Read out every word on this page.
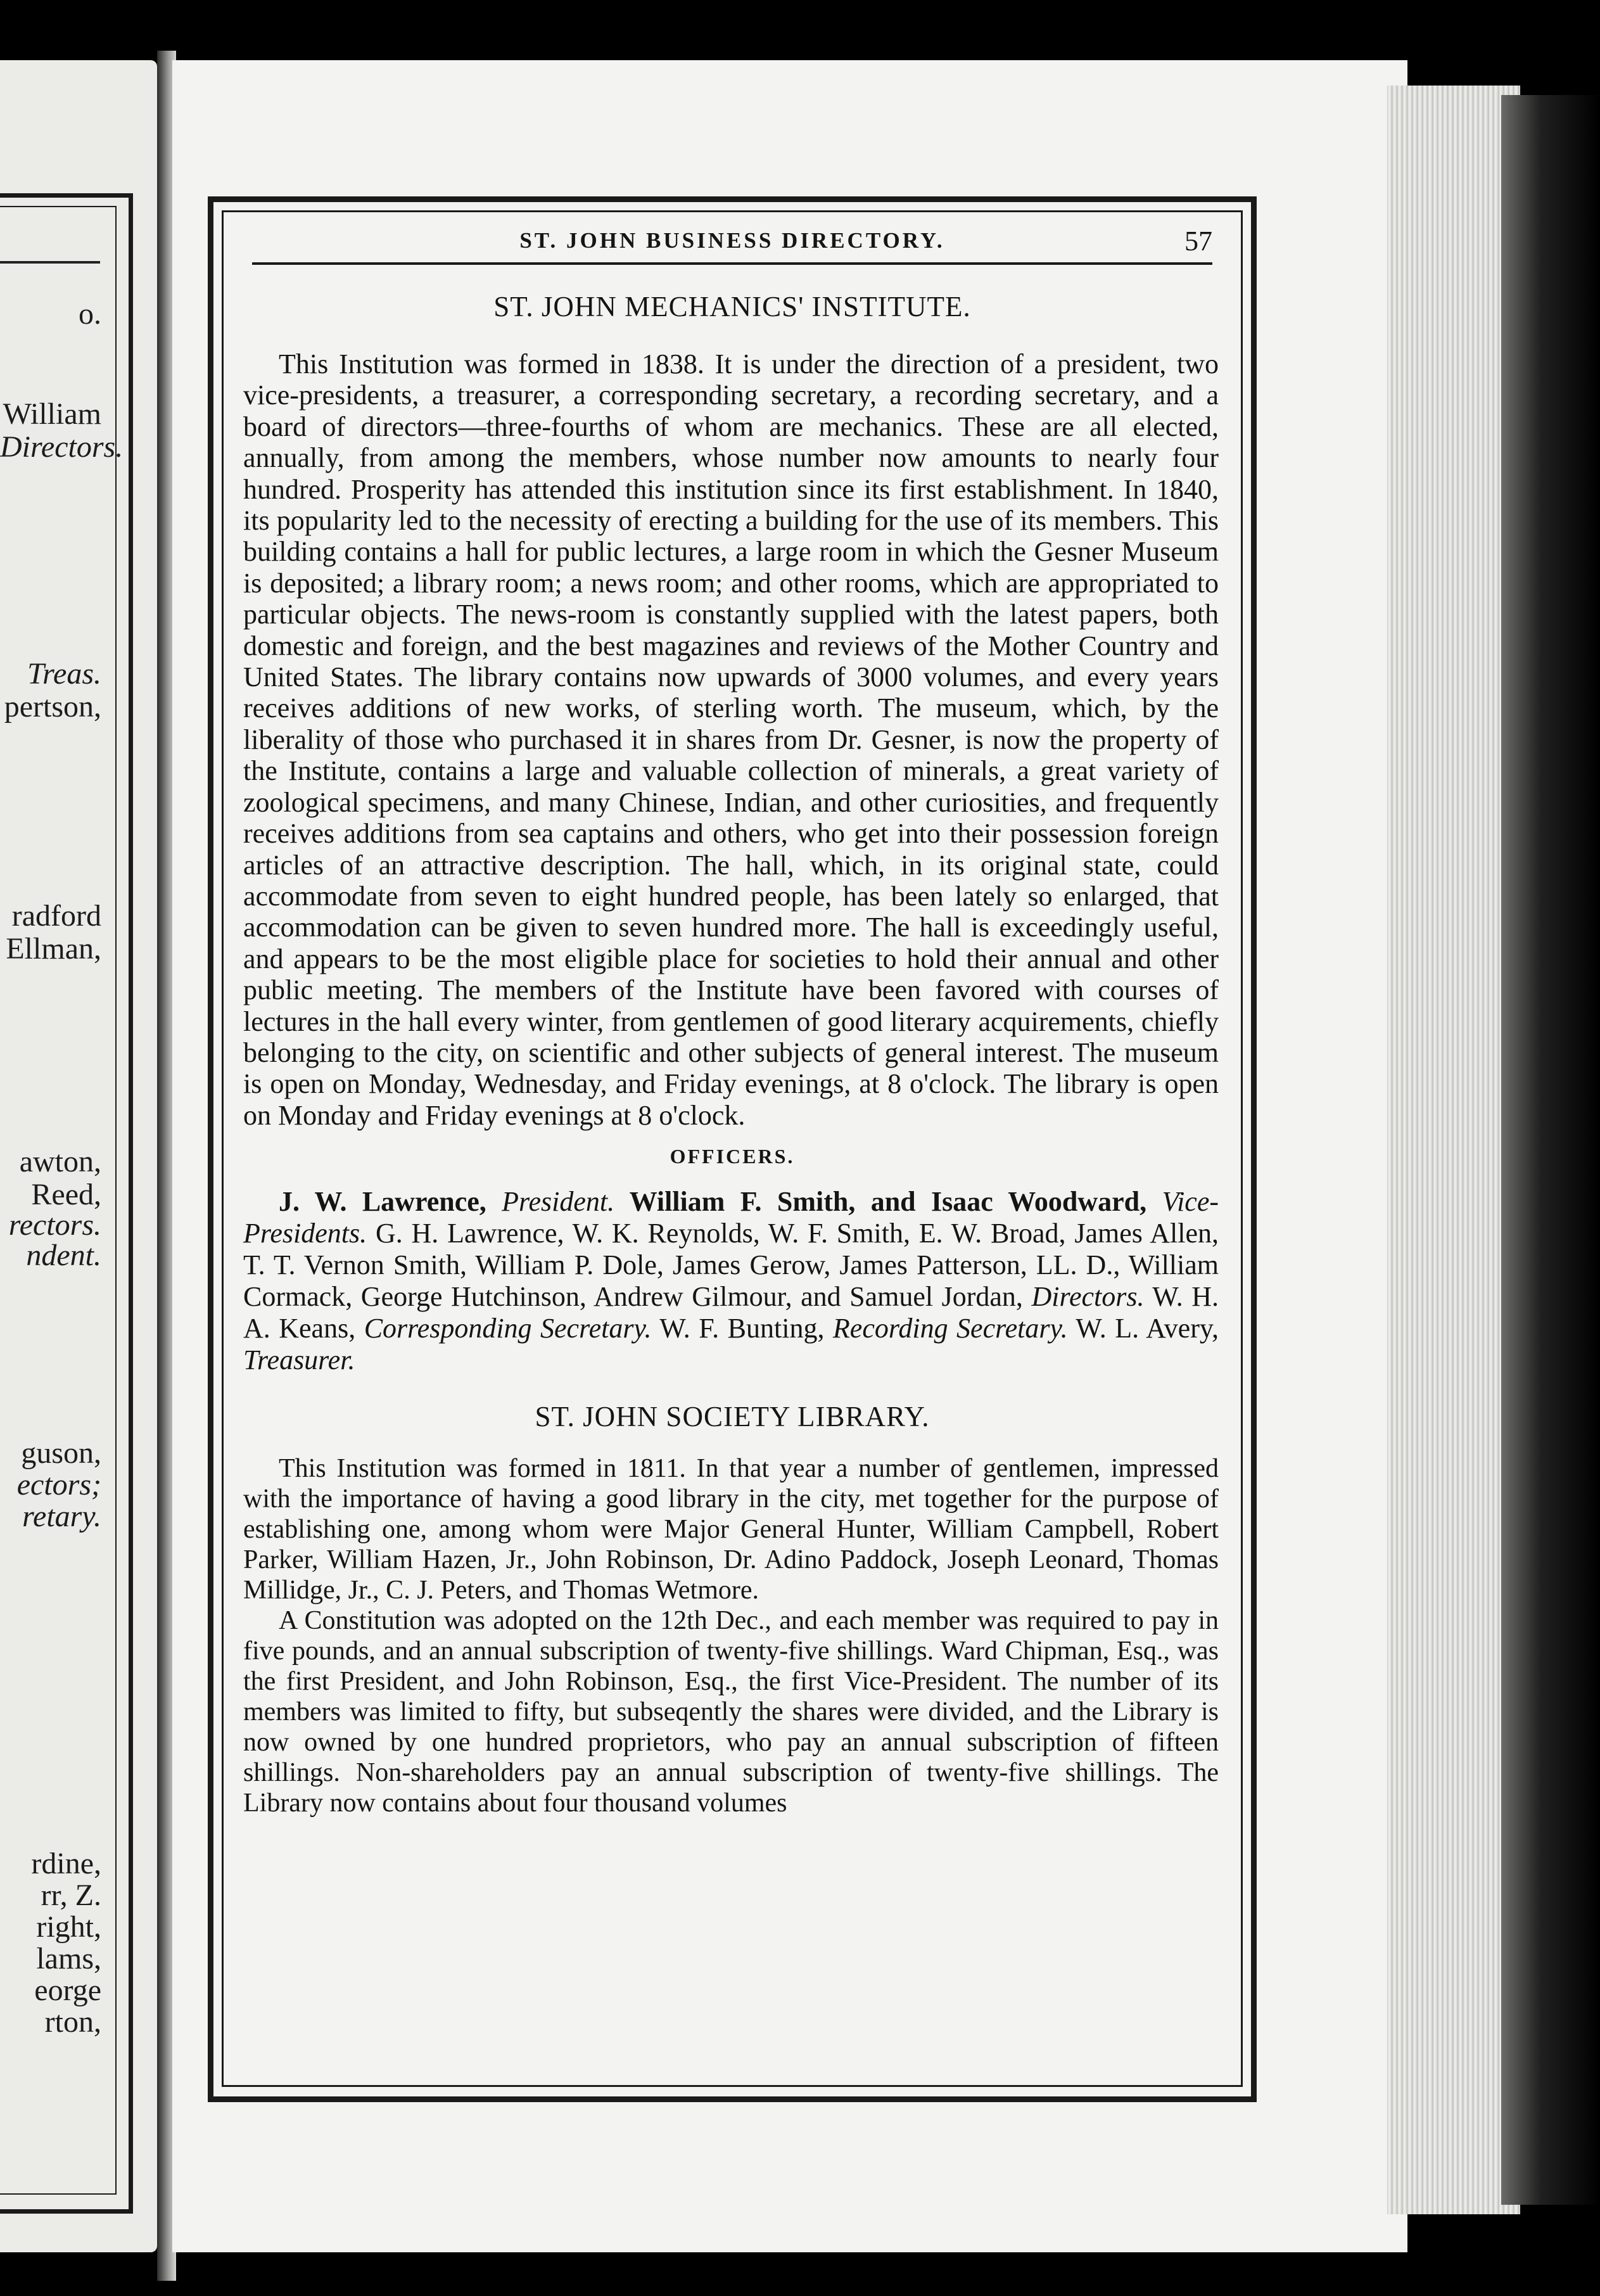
o.
William
Directors.
Treas.
pertson,
radford
Ellman,
awton,
Reed,
rectors.
ndent.
guson,
ectors;
retary.
rdine,
rr, Z.
right,
lams,
eorge
rton,
ST. JOHN BUSINESS DIRECTORY.	57
ST. JOHN MECHANICS' INSTITUTE.

This Institution was formed in 1838. It is under the direction of a president, two vice-presidents, a treasurer, a corresponding secretary, a recording secretary, and a board of directors—three-fourths of whom are mechanics. These are all elected, annually, from among the members, whose number now amounts to nearly four hundred. Prosperity has attended this institution since its first establishment. In 1840, its popularity led to the necessity of erecting a building for the use of its members. This building contains a hall for public lectures, a large room in which the Gesner Museum is deposited; a library room; a news room; and other rooms, which are appropriated to particular objects. The news-room is constantly supplied with the latest papers, both domestic and foreign, and the best magazines and reviews of the Mother Country and United States. The library contains now upwards of 3000 volumes, and every years receives additions of new works, of sterling worth. The museum, which, by the liberality of those who purchased it in shares from Dr. Gesner, is now the property of the Institute, contains a large and valuable collection of minerals, a great variety of zoological specimens, and many Chinese, Indian, and other curiosities, and frequently receives additions from sea captains and others, who get into their possession foreign articles of an attractive description. The hall, which, in its original state, could accommodate from seven to eight hundred people, has been lately so enlarged, that accommodation can be given to seven hundred more. The hall is exceedingly useful, and appears to be the most eligible place for societies to hold their annual and other public meeting. The members of the Institute have been favored with courses of lectures in the hall every winter, from gentlemen of good literary acquirements, chiefly belonging to the city, on scientific and other subjects of general interest. The museum is open on Monday, Wednesday, and Friday evenings, at 8 o'clock. The library is open on Monday and Friday evenings at 8 o'clock.

OFFICERS.

J. W. Lawrence, President. William F. Smith, and Isaac Woodward, Vice-Presidents. G. H. Lawrence, W. K. Reynolds, W. F. Smith, E. W. Broad, James Allen, T. T. Vernon Smith, William P. Dole, James Gerow, James Patterson, LL. D., William Cormack, George Hutchinson, Andrew Gilmour, and Samuel Jordan, Directors. W. H. A. Keans, Corresponding Secretary. W. F. Bunting, Recording Secretary. W. L. Avery, Treasurer.

ST. JOHN SOCIETY LIBRARY.

This Institution was formed in 1811. In that year a number of gentlemen, impressed with the importance of having a good library in the city, met together for the purpose of establishing one, among whom were Major General Hunter, William Campbell, Robert Parker, William Hazen, Jr., John Robinson, Dr. Adino Paddock, Joseph Leonard, Thomas Millidge, Jr., C. J. Peters, and Thomas Wetmore.

A Constitution was adopted on the 12th Dec., and each member was required to pay in five pounds, and an annual subscription of twenty-five shillings. Ward Chipman, Esq., was the first President, and John Robinson, Esq., the first Vice-President. The number of its members was limited to fifty, but subseqently the shares were divided, and the Library is now owned by one hundred proprietors, who pay an annual subscription of fifteen shillings. Non-shareholders pay an annual subscription of twenty-five shillings. The Library now contains about four thousand volumes
